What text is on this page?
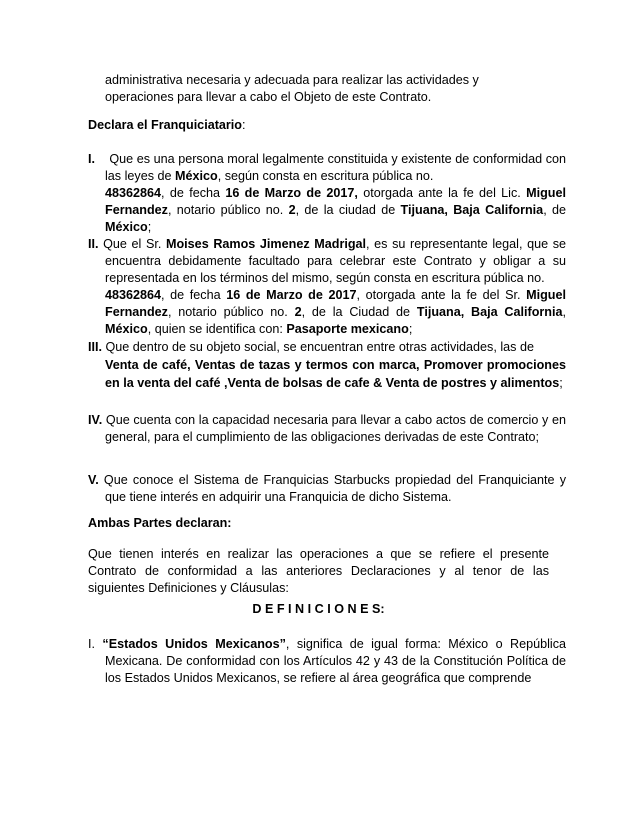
administrativa necesaria y adecuada para realizar las actividades y

operaciones para llevar a cabo el Objeto de este Contrato.

Declara el Franquiciatario:
I. Que es una persona moral legalmente constituida y existente de conformidad con las leyes de México, según consta en escritura pública no.
48362864, de fecha 16 de Marzo de 2017, otorgada ante la fe del Lic. Miguel Fernandez, notario público no. 2, de la ciudad de Tijuana, Baja California, de México;
II. Que el Sr. Moises Ramos Jimenez Madrigal, es su representante legal, que se encuentra debidamente facultado para celebrar este Contrato y obligar a su representada en los términos del mismo, según consta en escritura pública no.
48362864, de fecha 16 de Marzo de 2017, otorgada ante la fe del Sr. Miguel Fernandez, notario público no. 2, de la Ciudad de Tijuana, Baja California, México, quien se identifica con: Pasaporte mexicano;
III. Que dentro de su objeto social, se encuentran entre otras actividades, las de
Venta de café, Ventas de tazas y termos con marca, Promover promociones en la venta del café ,Venta de bolsas de cafe & Venta de postres y alimentos;
IV. Que cuenta con la capacidad necesaria para llevar a cabo actos de comercio y en general, para el cumplimiento de las obligaciones derivadas de este Contrato;
V. Que conoce el Sistema de Franquicias Starbucks propiedad del Franquiciante y que tiene interés en adquirir una Franquicia de dicho Sistema.
Ambas Partes declaran:
Que tienen interés en realizar las operaciones a que se refiere el presente Contrato de conformidad a las anteriores Declaraciones y al tenor de las siguientes Definiciones y Cláusulas:
D E F I N I C I O N E S:
I. “Estados Unidos Mexicanos”, significa de igual forma: México o República Mexicana. De conformidad con los Artículos 42 y 43 de la Constitución Política de los Estados Unidos Mexicanos, se refiere al área geográfica que comprende
